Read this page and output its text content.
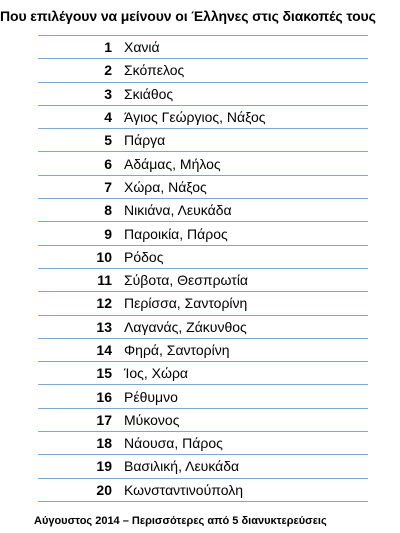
Που επιλέγουν να μείνουν οι Έλληνες στις διακοπές τους
1	Χανιά
2	Σκόπελος
3	Σκιάθος
4	Άγιος Γεώργιος, Νάξος
5	Πάργα
6	Αδάμας, Μήλος
7	Χώρα, Νάξος
8	Νικιάνα, Λευκάδα
9	Παροικία, Πάρος
10	Ρόδος
11	Σύβοτα, Θεσπρωτία
12	Περίσσα, Σαντορίνη
13	Λαγανάς, Ζάκυνθος
14	Φηρά, Σαντορίνη
15	Ίος, Χώρα
16	Ρέθυμνο
17	Μύκονος
18	Νάουσα, Πάρος
19	Βασιλική, Λευκάδα
20	Κωνσταντινούπολη
Αύγουστος 2014 – Περισσότερες από 5 διανυκτερεύσεις
